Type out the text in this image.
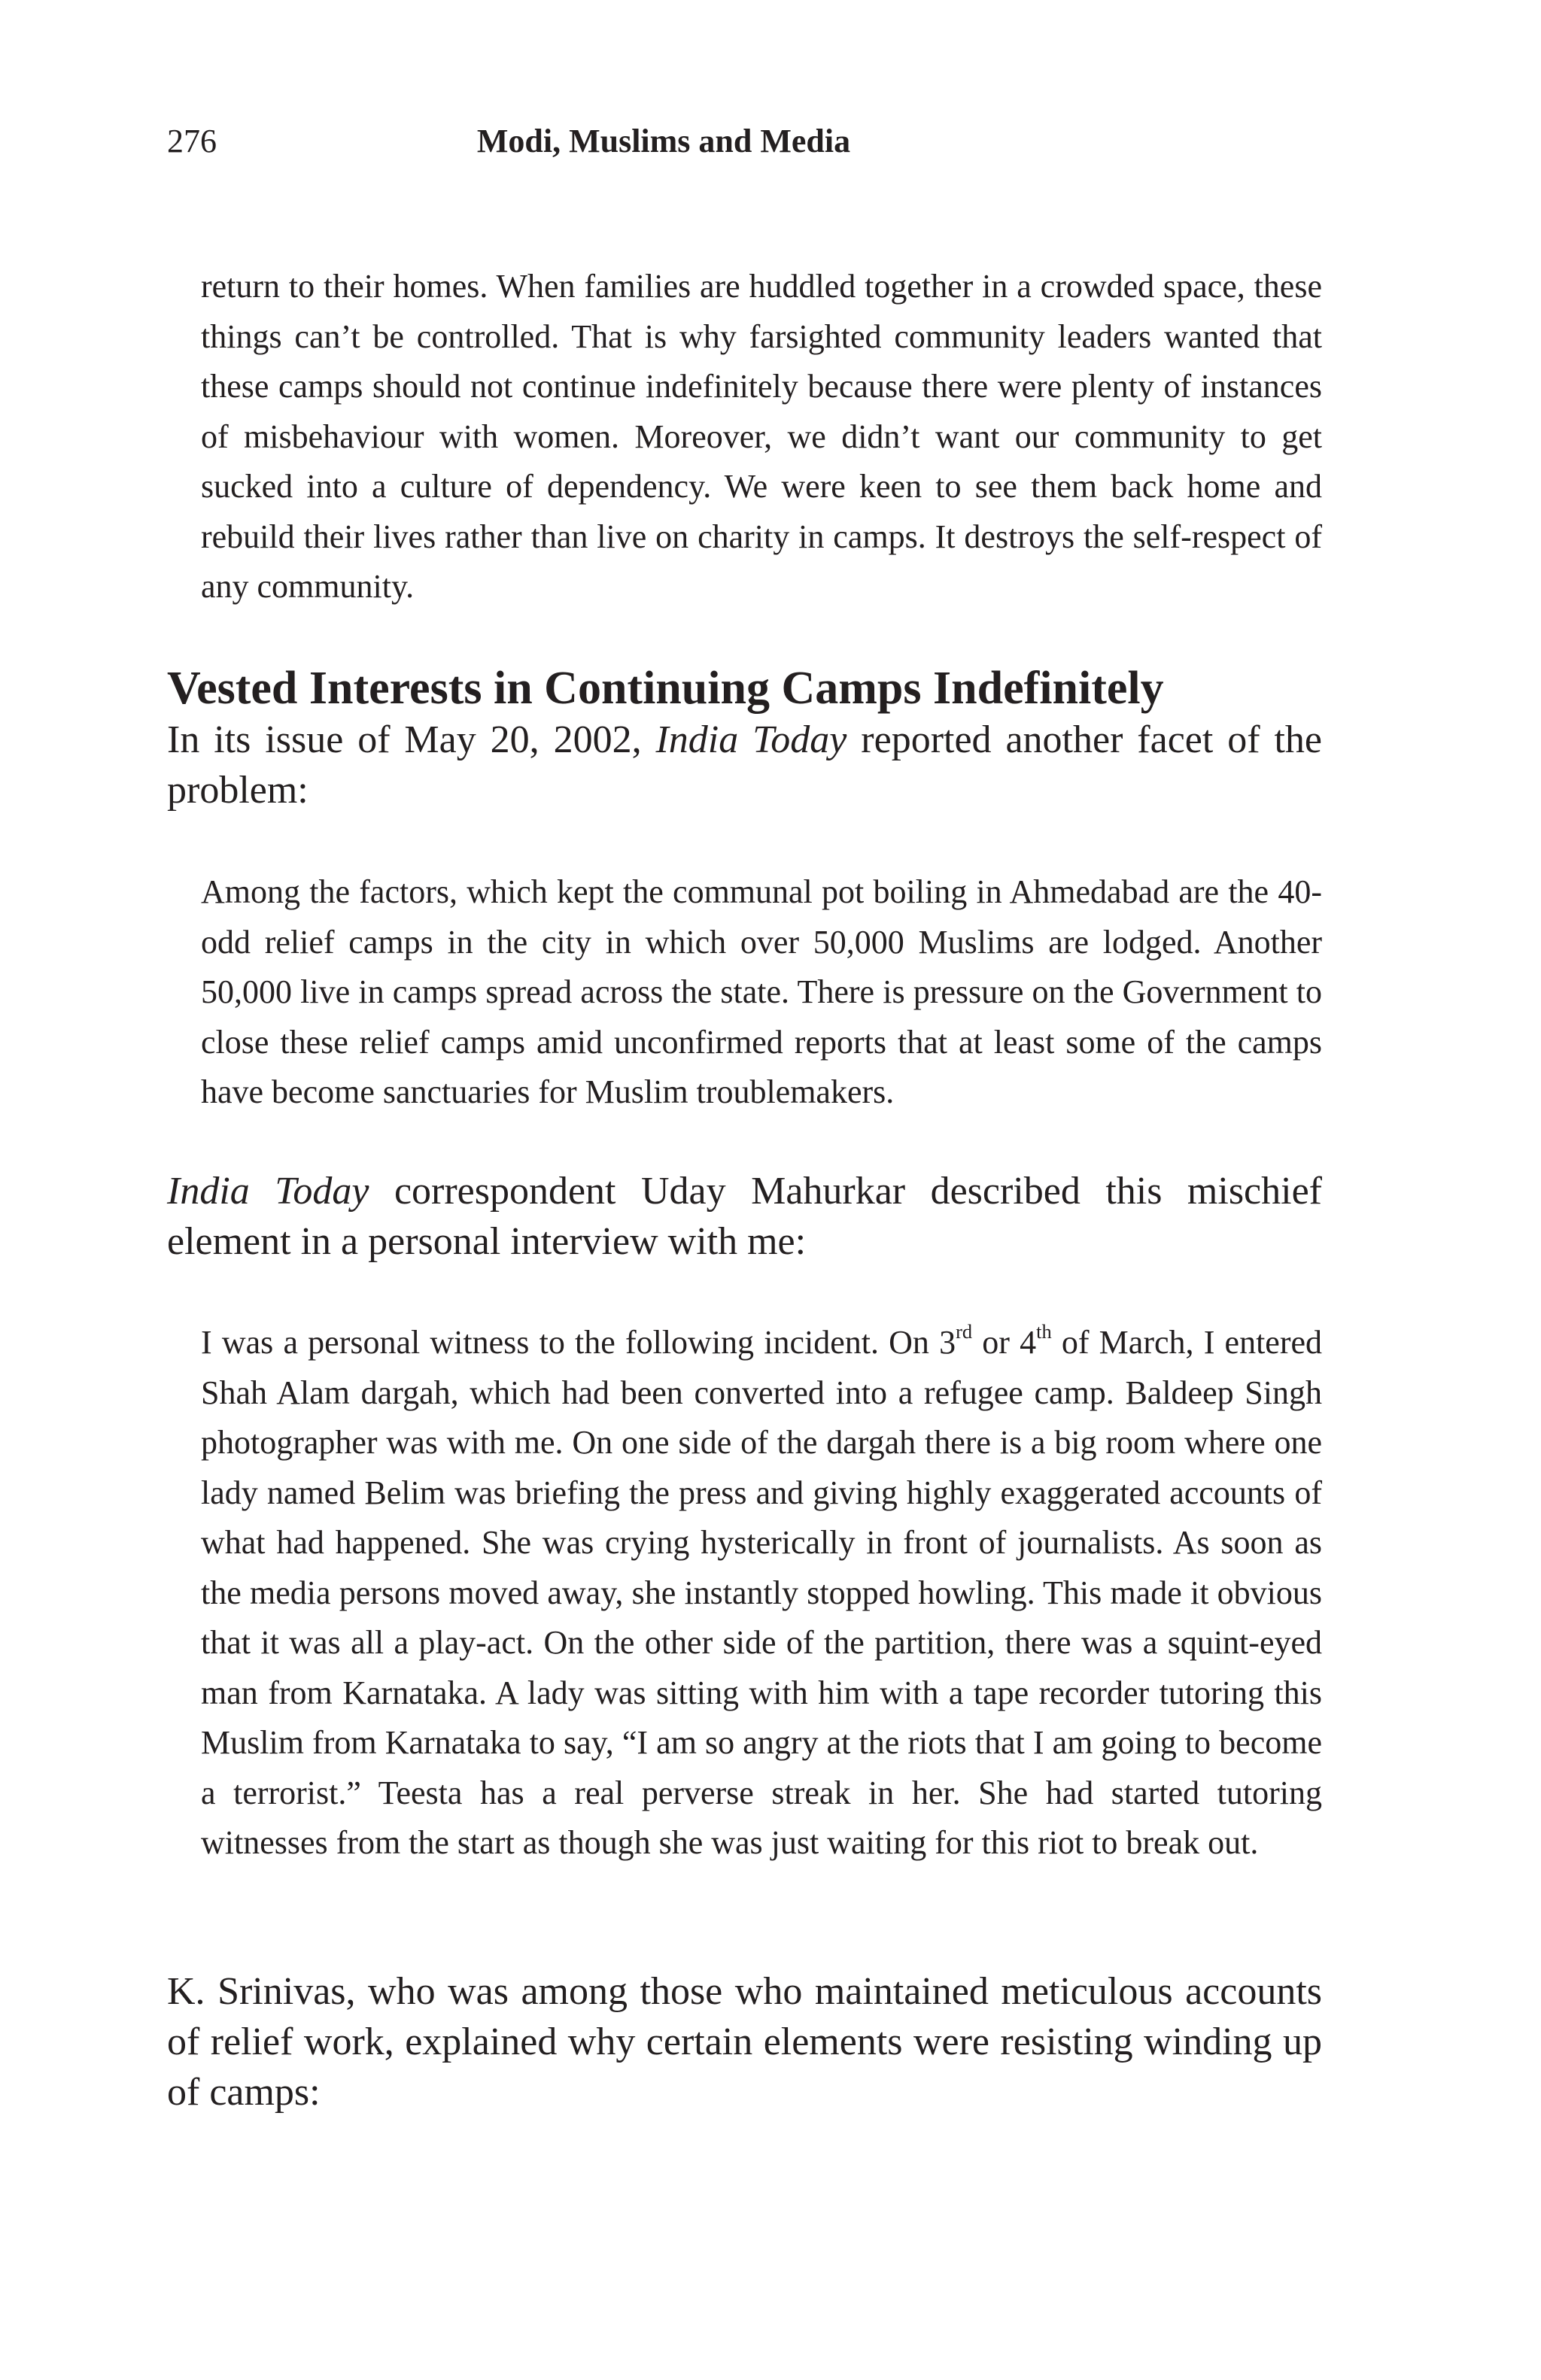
276	Modi, Muslims and Media

return to their homes. When families are huddled together in a crowded space, these things can’t be controlled. That is why farsighted community leaders wanted that these camps should not continue indefinitely because there were plenty of instances of misbehaviour with women. Moreover, we didn’t want our community to get sucked into a culture of dependency. We were keen to see them back home and rebuild their lives rather than live on charity in camps. It destroys the self-respect of any community.

Vested Interests in Continuing Camps Indefinitely

In its issue of May 20, 2002, India Today reported another facet of the problem:

Among the factors, which kept the communal pot boiling in Ahmedabad are the 40-odd relief camps in the city in which over 50,000 Muslims are lodged. Another 50,000 live in camps spread across the state. There is pressure on the Government to close these relief camps amid unconfirmed reports that at least some of the camps have become sanctuaries for Muslim troublemakers.

India Today correspondent Uday Mahurkar described this mischief element in a personal interview with me:

I was a personal witness to the following incident. On 3rd or 4th of March, I entered Shah Alam dargah, which had been converted into a refugee camp. Baldeep Singh photographer was with me. On one side of the dargah there is a big room where one lady named Belim was briefing the press and giving highly exaggerated accounts of what had happened. She was crying hysterically in front of journalists. As soon as the media persons moved away, she instantly stopped howling. This made it obvious that it was all a play-act. On the other side of the partition, there was a squint-eyed man from Karnataka. A lady was sitting with him with a tape recorder tutoring this Muslim from Karnataka to say, “I am so angry at the riots that I am going to become a terrorist.” Teesta has a real perverse streak in her. She had started tutoring witnesses from the start as though she was just waiting for this riot to break out.

K. Srinivas, who was among those who maintained meticulous accounts of relief work, explained why certain elements were resisting winding up of camps:
